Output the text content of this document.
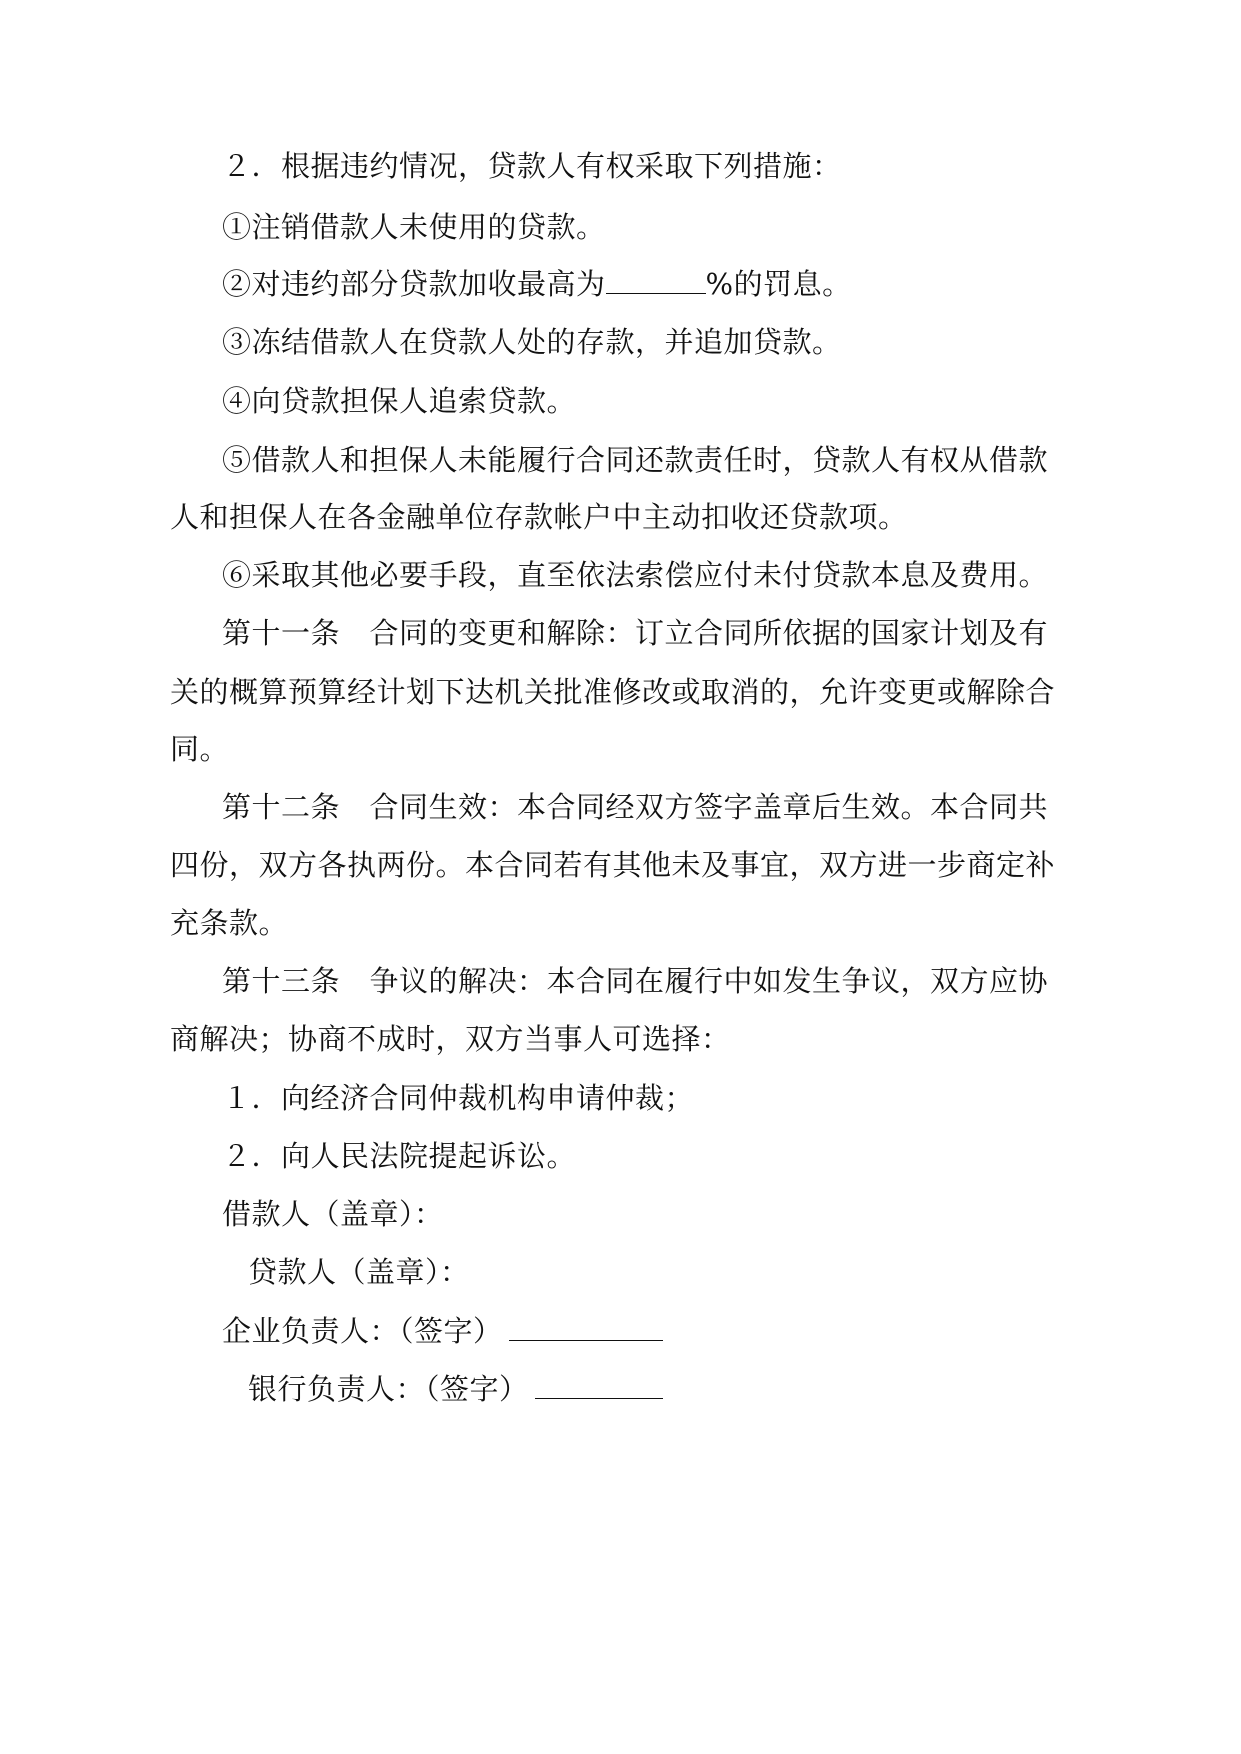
２．根据违约情况，贷款人有权采取下列措施：
①注销借款人未使用的贷款。
②对违约部分贷款加收最高为	%的罚息。
③冻结借款人在贷款人处的存款，并追加贷款。
④向贷款担保人追索贷款。
⑤借款人和担保人未能履行合同还款责任时，贷款人有权从借款
人和担保人在各金融单位存款帐户中主动扣收还贷款项。
⑥采取其他必要手段，直至依法索偿应付未付贷款本息及费用。
第十一条　合同的变更和解除：订立合同所依据的国家计划及有
关的概算预算经计划下达机关批准修改或取消的，允许变更或解除合
同。
第十二条　合同生效：本合同经双方签字盖章后生效。本合同共
四份，双方各执两份。本合同若有其他未及事宜，双方进一步商定补
充条款。
第十三条　争议的解决：本合同在履行中如发生争议，双方应协
商解决；协商不成时，双方当事人可选择：
１．向经济合同仲裁机构申请仲裁；
２．向人民法院提起诉讼。
借款人（盖章）：
贷款人（盖章）：
企业负责人：（签字）
银行负责人：（签字）
